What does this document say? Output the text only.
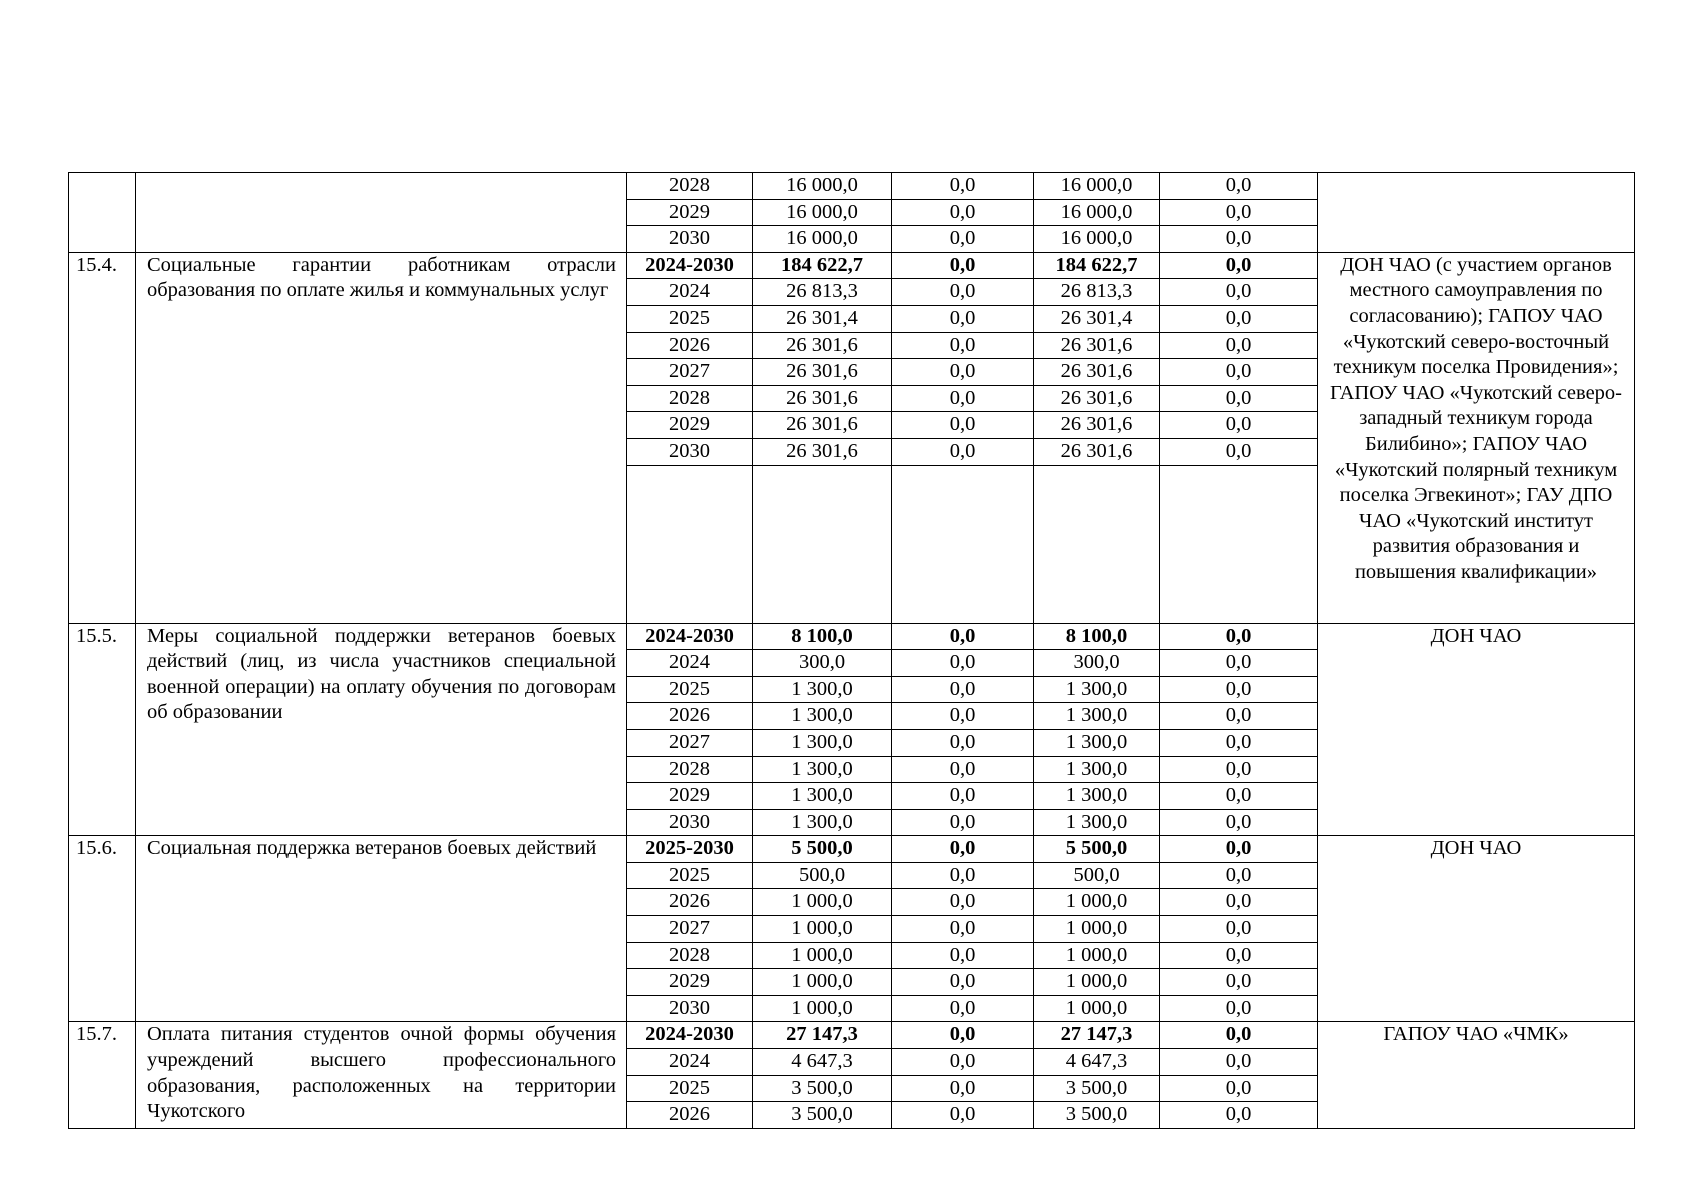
		2028	16 000,0	0,0	16 000,0	0,0	
		2029	16 000,0	0,0	16 000,0	0,0	
		2030	16 000,0	0,0	16 000,0	0,0	
15.4.	Социальные гарантии работникам отрасли образования по оплате жилья и коммунальных услуг	2024-2030	184 622,7	0,0	184 622,7	0,0	ДОН ЧАО (с участием органов местного самоуправления по согласованию); ГАПОУ ЧАО «Чукотский северо-восточный техникум поселка Провидения»; ГАПОУ ЧАО «Чукотский северо-западный техникум города Билибино»; ГАПОУ ЧАО «Чукотский полярный техникум поселка Эгвекинот»; ГАУ ДПО ЧАО «Чукотский институт развития образования и повышения квалификации»
		2024	26 813,3	0,0	26 813,3	0,0	
		2025	26 301,4	0,0	26 301,4	0,0	
		2026	26 301,6	0,0	26 301,6	0,0	
		2027	26 301,6	0,0	26 301,6	0,0	
		2028	26 301,6	0,0	26 301,6	0,0	
		2029	26 301,6	0,0	26 301,6	0,0	
		2030	26 301,6	0,0	26 301,6	0,0	

15.5.	Меры социальной поддержки ветеранов боевых действий (лиц, из числа участников специальной военной операции) на оплату обучения по договорам об образовании	2024-2030	8 100,0	0,0	8 100,0	0,0	ДОН ЧАО
		2024	300,0	0,0	300,0	0,0	
		2025	1 300,0	0,0	1 300,0	0,0	
		2026	1 300,0	0,0	1 300,0	0,0	
		2027	1 300,0	0,0	1 300,0	0,0	
		2028	1 300,0	0,0	1 300,0	0,0	
		2029	1 300,0	0,0	1 300,0	0,0	
		2030	1 300,0	0,0	1 300,0	0,0	
15.6.	Социальная поддержка ветеранов боевых действий	2025-2030	5 500,0	0,0	5 500,0	0,0	ДОН ЧАО
		2025	500,0	0,0	500,0	0,0	
		2026	1 000,0	0,0	1 000,0	0,0	
		2027	1 000,0	0,0	1 000,0	0,0	
		2028	1 000,0	0,0	1 000,0	0,0	
		2029	1 000,0	0,0	1 000,0	0,0	
		2030	1 000,0	0,0	1 000,0	0,0	
15.7.	Оплата питания студентов очной формы обучения учреждений высшего профессионального образования, расположенных на территории Чукотского	2024-2030	27 147,3	0,0	27 147,3	0,0	ГАПОУ ЧАО «ЧМК»
		2024	4 647,3	0,0	4 647,3	0,0	
		2025	3 500,0	0,0	3 500,0	0,0	
		2026	3 500,0	0,0	3 500,0	0,0	
